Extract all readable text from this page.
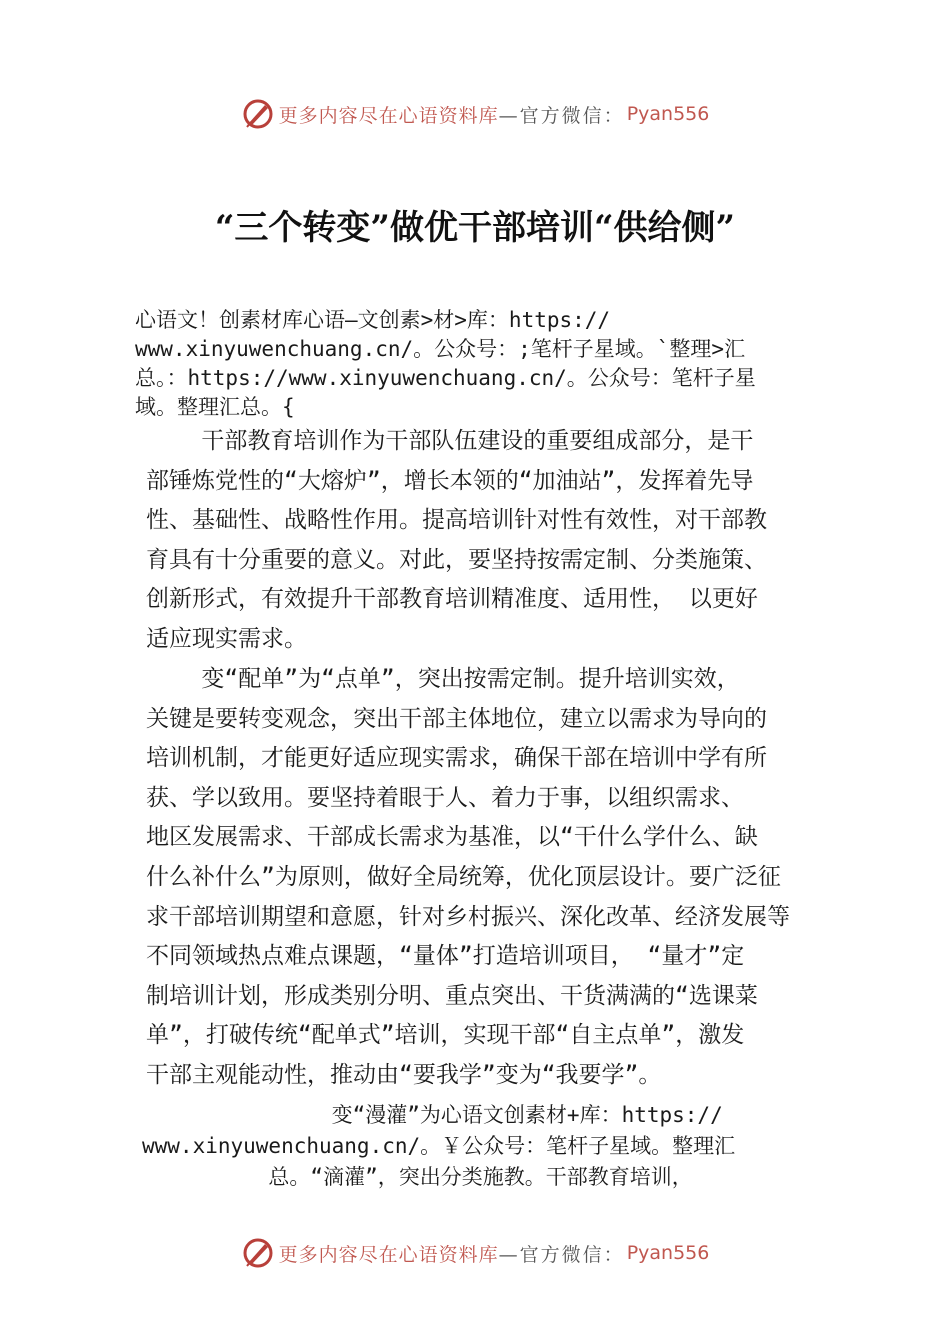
更多内容尽在心语资料库 —官方微信： Pyan556
“三个转变”做优干部培训“供给侧”
心语文！创素材库心语—文创素>材>库：https://
www.xinyuwenchuang.cn/。公众号：;笔杆子星域。`整理>汇
总。：https://www.xinyuwenchuang.cn/。公众号：笔杆子星
域。整理汇总。{
干部教育培训作为干部队伍建设的重要组成部分，是干
部锤炼党性的“大熔炉”，增长本领的“加油站”，发挥着先导
性、基础性、战略性作用。提高培训针对性有效性，对干部教
育具有十分重要的意义。对此，要坚持按需定制、分类施策、
创新形式，有效提升干部教育培训精准度、适用性， 以更好
适应现实需求。
变“配单”为“点单”，突出按需定制。提升培训实效，
关键是要转变观念，突出干部主体地位，建立以需求为导向的
培训机制，才能更好适应现实需求，确保干部在培训中学有所
获、学以致用。要坚持着眼于人、着力于事，以组织需求、
地区发展需求、干部成长需求为基准，以“干什么学什么、缺
什么补什么”为原则，做好全局统筹，优化顶层设计。要广泛征
求干部培训期望和意愿，针对乡村振兴、深化改革、经济发展等
不同领域热点难点课题，“量体”打造培训项目， “量才”定
制培训计划，形成类别分明、重点突出、干货满满的“选课菜
单”，打破传统“配单式”培训，实现干部“自主点单”，激发
干部主观能动性，推动由“要我学”变为“我要学”。
变“漫灌”为心语文创素材+库：https://
www.xinyuwenchuang.cn/。￥公众号：笔杆子星域。整理汇
总。“滴灌”，突出分类施教。干部教育培训，
更多内容尽在心语资料库 —官方微信： Pyan556
